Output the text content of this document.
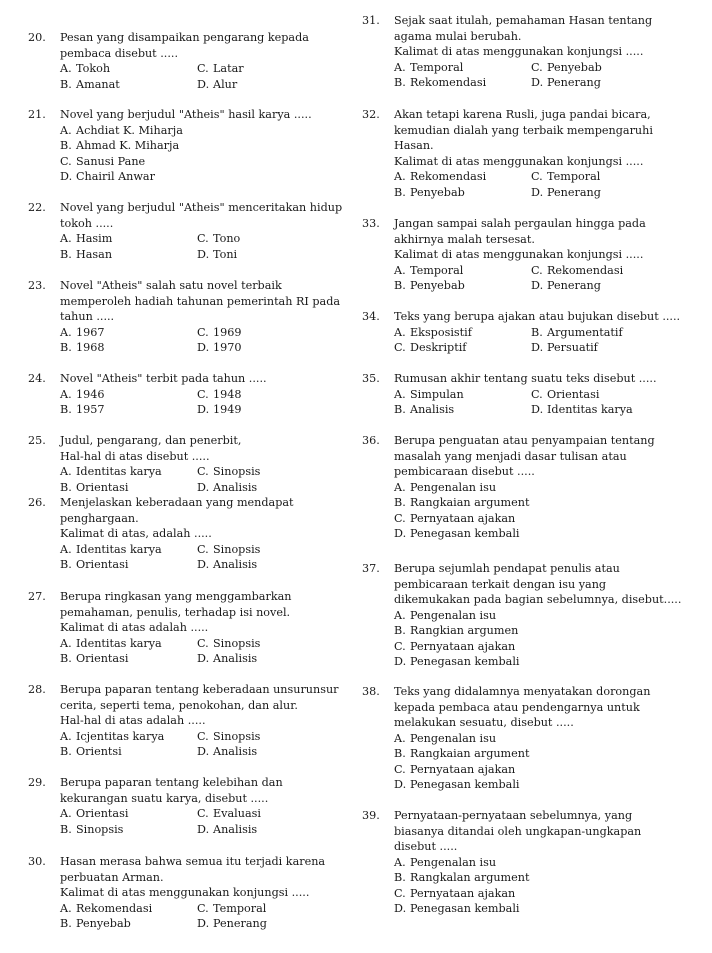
20.	Pesan yang disampaikan pengarang kepada
pembaca disebut .....
A. Tokoh	C. Latar
B. Amanat	D. Alur
21.	Novel yang berjudul "Atheis" hasil karya .....
A. Achdiat K. Miharja
B. Ahmad K. Miharja
C. Sanusi Pane
D. Chairil Anwar
22.	Novel yang berjudul "Atheis" menceritakan hidup
tokoh .....
A. Hasim	C. Tono
B. Hasan	D. Toni
23.	Novel "Atheis" salah satu novel terbaik
memperoleh hadiah tahunan pemerintah RI pada
tahun .....
A. 1967	C. 1969
B. 1968	D. 1970
24.	Novel "Atheis" terbit pada tahun .....
A. 1946	C. 1948
B. 1957	D. 1949
25.	Judul, pengarang, dan penerbit,
Hal-hal di atas disebut .....
A. Identitas karya	C. Sinopsis
B. Orientasi	D. Analisis
26.	Menjelaskan keberadaan yang mendapat
penghargaan.
Kalimat di atas, adalah .....
A. Identitas karya	C. Sinopsis
B. Orientasi	D. Analisis
27.	Berupa ringkasan yang menggambarkan
pemahaman, penulis, terhadap isi novel.
Kalimat di atas adalah .....
A. Identitas karya	C. Sinopsis
B. Orientasi	D. Analisis
28.	Berupa paparan tentang keberadaan unsurunsur
cerita, seperti tema, penokohan, dan alur.
Hal-hal di atas adalah .....
A. Icjentitas karya	C. Sinopsis
B. Orientsi	D. Analisis
29.	Berupa paparan tentang kelebihan dan
kekurangan suatu karya, disebut .....
A. Orientasi	C. Evaluasi
B. Sinopsis	D. Analisis
30.	Hasan merasa bahwa semua itu terjadi karena
perbuatan Arman.
Kalimat di atas menggunakan konjungsi .....
A. Rekomendasi	C. Temporal
B. Penyebab	D. Penerang
31.	Sejak saat itulah, pemahaman Hasan tentang
agama mulai berubah.
Kalimat di atas menggunakan konjungsi .....
A. Temporal	C. Penyebab
B. Rekomendasi	D. Penerang
32.	Akan tetapi karena Rusli, juga pandai bicara,
kemudian dialah yang terbaik mempengaruhi
Hasan.
Kalimat di atas menggunakan konjungsi .....
A. Rekomendasi	C. Temporal
B. Penyebab	D. Penerang
33.	Jangan sampai salah pergaulan hingga pada
akhirnya malah tersesat.
Kalimat di atas menggunakan konjungsi .....
A. Temporal	C. Rekomendasi
B. Penyebab	D. Penerang
34.	Teks yang berupa ajakan atau bujukan disebut .....
A. Eksposistif	B. Argumentatif
C. Deskriptif	D. Persuatif
35.	Rumusan akhir tentang suatu teks disebut .....
A. Simpulan	C. Orientasi
B. Analisis	D. Identitas karya
36.	Berupa penguatan atau penyampaian tentang
masalah yang menjadi dasar tulisan atau
pembicaraan disebut .....
A. Pengenalan isu
B. Rangkaian argument
C. Pernyataan ajakan
D. Penegasan kembali
37.	Berupa sejumlah pendapat penulis atau
pembicaraan terkait dengan isu yang
dikemukakan pada bagian sebelumnya, disebut.....
A. Pengenalan isu
B. Rangkian argumen
C. Pernyataan ajakan
D. Penegasan kembali
38.	Teks yang didalamnya menyatakan dorongan
kepada pembaca atau pendengarnya untuk
melakukan sesuatu, disebut .....
A. Pengenalan isu
B. Rangkaian argument
C. Pernyataan ajakan
D. Penegasan kembali
39.	Pernyataan-pernyataan sebelumnya, yang
biasanya ditandai oleh ungkapan-ungkapan
disebut .....
A. Pengenalan isu
B. Rangkalan argument
C. Pernyataan ajakan
D. Penegasan kembali
